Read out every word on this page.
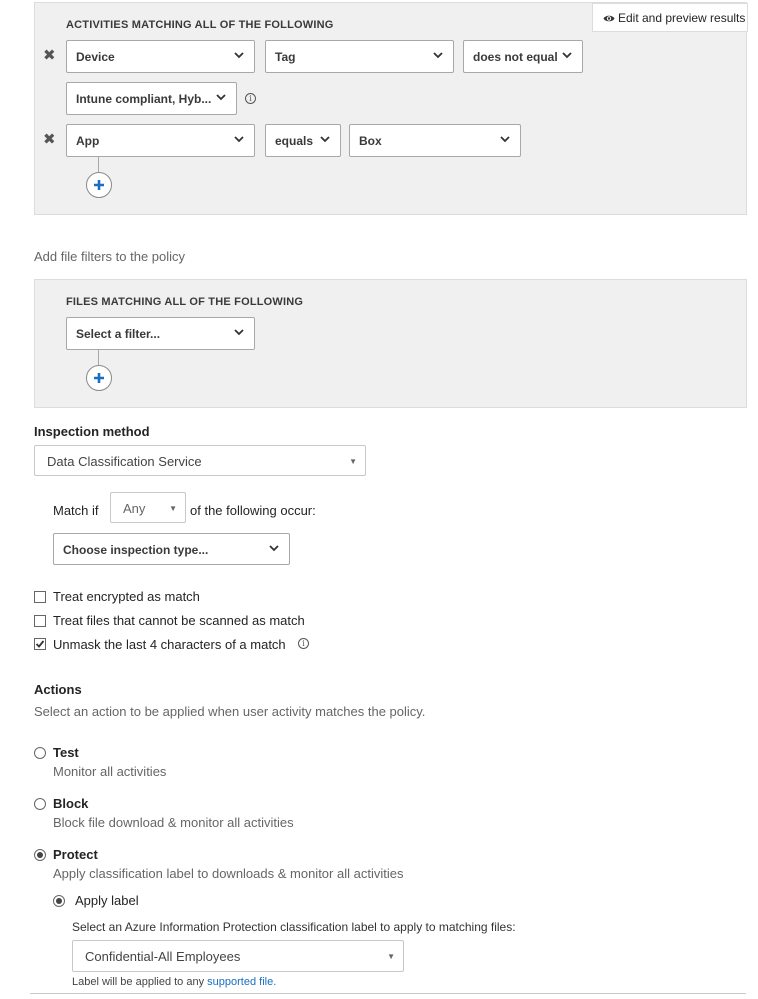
ACTIVITIES MATCHING ALL OF THE FOLLOWING	Edit and preview results
✖ Device	Tag	does not equal
Intune compliant, Hyb...	i
✖ App	equals	Box
Add file filters to the policy
FILES MATCHING ALL OF THE FOLLOWING
Select a filter...
Inspection method
Data Classification Service	▼
Match if Any	▼ of the following occur:
Choose inspection type...
Treat encrypted as match
Treat files that cannot be scanned as match
Unmask the last 4 characters of a match	i
Actions
Select an action to be applied when user activity matches the policy.
Test
Monitor all activities
Block
Block file download & monitor all activities
Protect
Apply classification label to downloads & monitor all activities
Apply label
Select an Azure Information Protection classification label to apply to matching files:
Confidential-All Employees	▼
Label will be applied to any supported file.
